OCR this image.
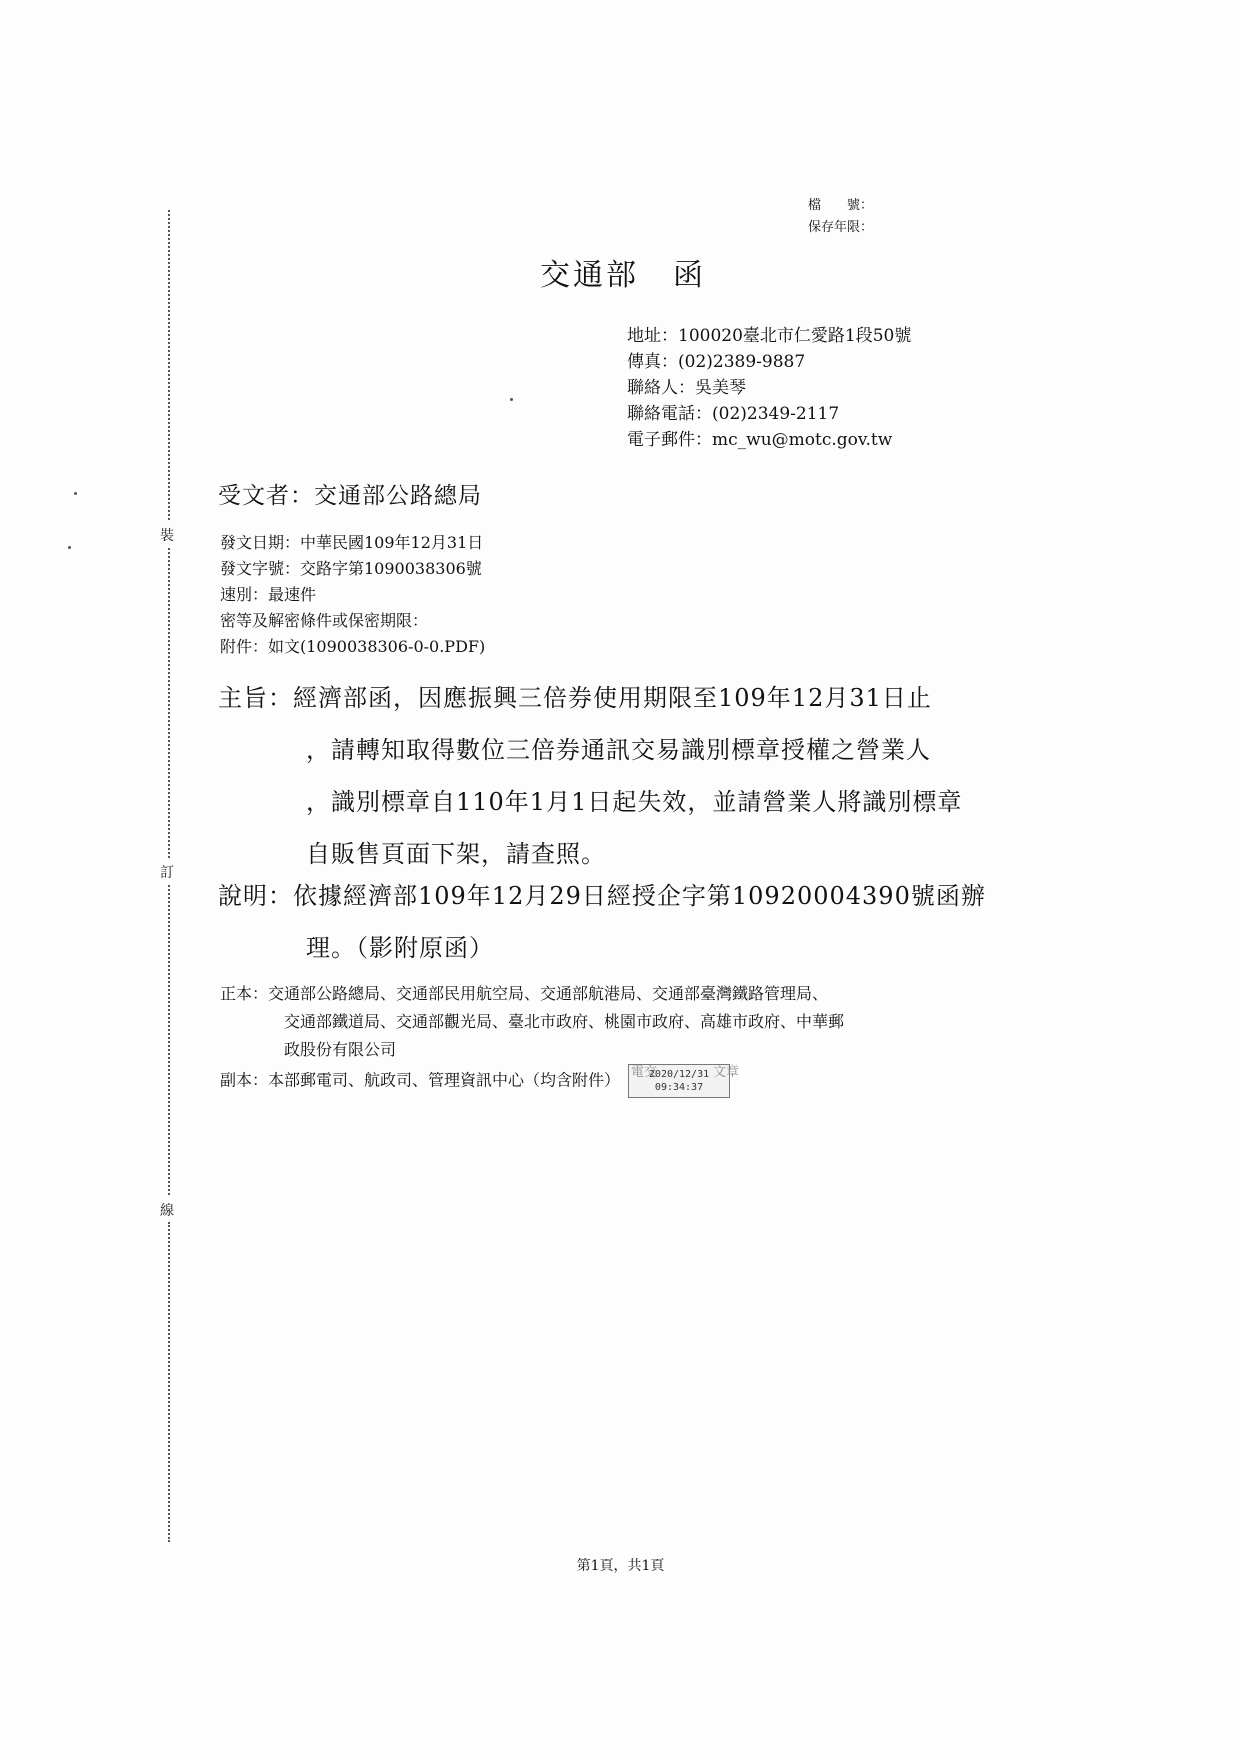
裝
訂
線
檔　　號：
保存年限：
交通部 函
地址：100020臺北市仁愛路1段50號
傳真：(02)2389-9887
聯絡人：吳美琴
聯絡電話：(02)2349-2117
電子郵件：mc_wu@motc.gov.tw
受文者：交通部公路總局
發文日期：中華民國109年12月31日
發文字號：交路字第1090038306號
速別：最速件
密等及解密條件或保密期限：
附件：如文(1090038306-0-0.PDF)
主旨：經濟部函，因應振興三倍券使用期限至109年12月31日止
，請轉知取得數位三倍券通訊交易識別標章授權之營業人
，識別標章自110年1月1日起失效，並請營業人將識別標章
自販售頁面下架，請查照。
說明：依據經濟部109年12月29日經授企字第10920004390號函辦
理。（影附原函）
正本：交通部公路總局、交通部民用航空局、交通部航港局、交通部臺灣鐵路管理局、
交通部鐵道局、交通部觀光局、臺北市政府、桃園市政府、高雄市政府、中華郵
政股份有限公司
副本：本部郵電司、航政司、管理資訊中心（均含附件） 電交
2020/12/31
09:34:37
文章
第1頁，共1頁
